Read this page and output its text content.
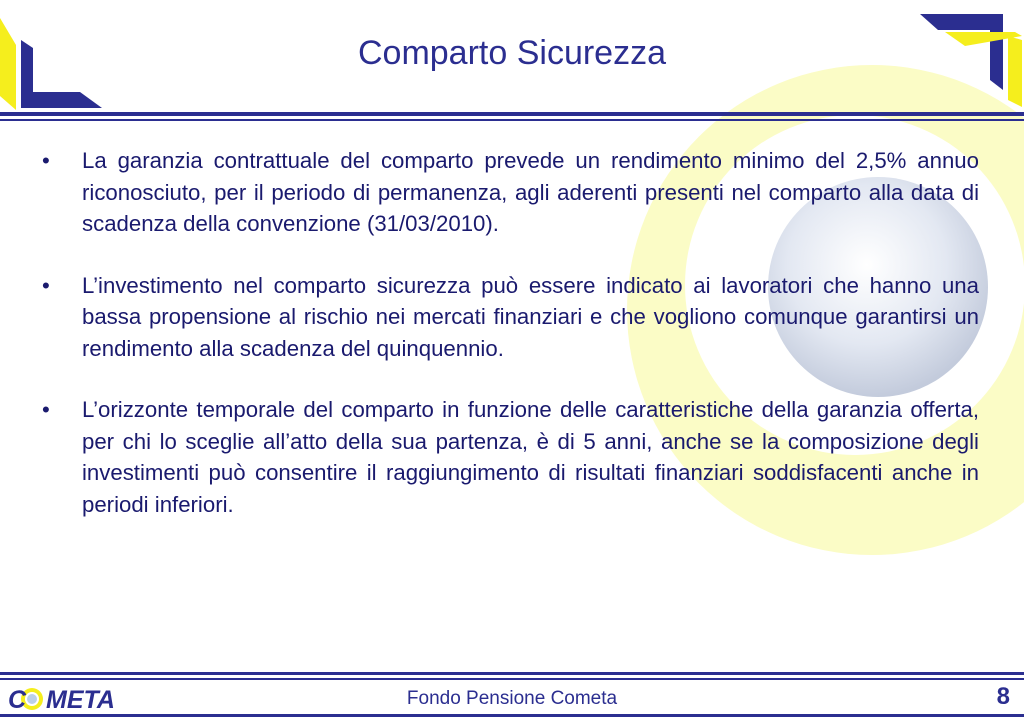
Comparto Sicurezza
• La garanzia contrattuale del comparto prevede un rendimento minimo del 2,5% annuo riconosciuto, per il periodo di permanenza, agli aderenti presenti nel comparto alla data di scadenza della convenzione (31/03/2010).
• L’investimento nel comparto sicurezza può essere indicato ai lavoratori che hanno una bassa propensione al rischio nei mercati finanziari e che vogliono comunque garantirsi un rendimento alla scadenza del quinquennio.
• L’orizzonte temporale del comparto in funzione delle caratteristiche della garanzia offerta, per chi lo sceglie all’atto della sua partenza, è di 5 anni, anche se la composizione degli investimenti può consentire il raggiungimento di risultati finanziari soddisfacenti anche in periodi inferiori.
C META	Fondo Pensione Cometa	8
